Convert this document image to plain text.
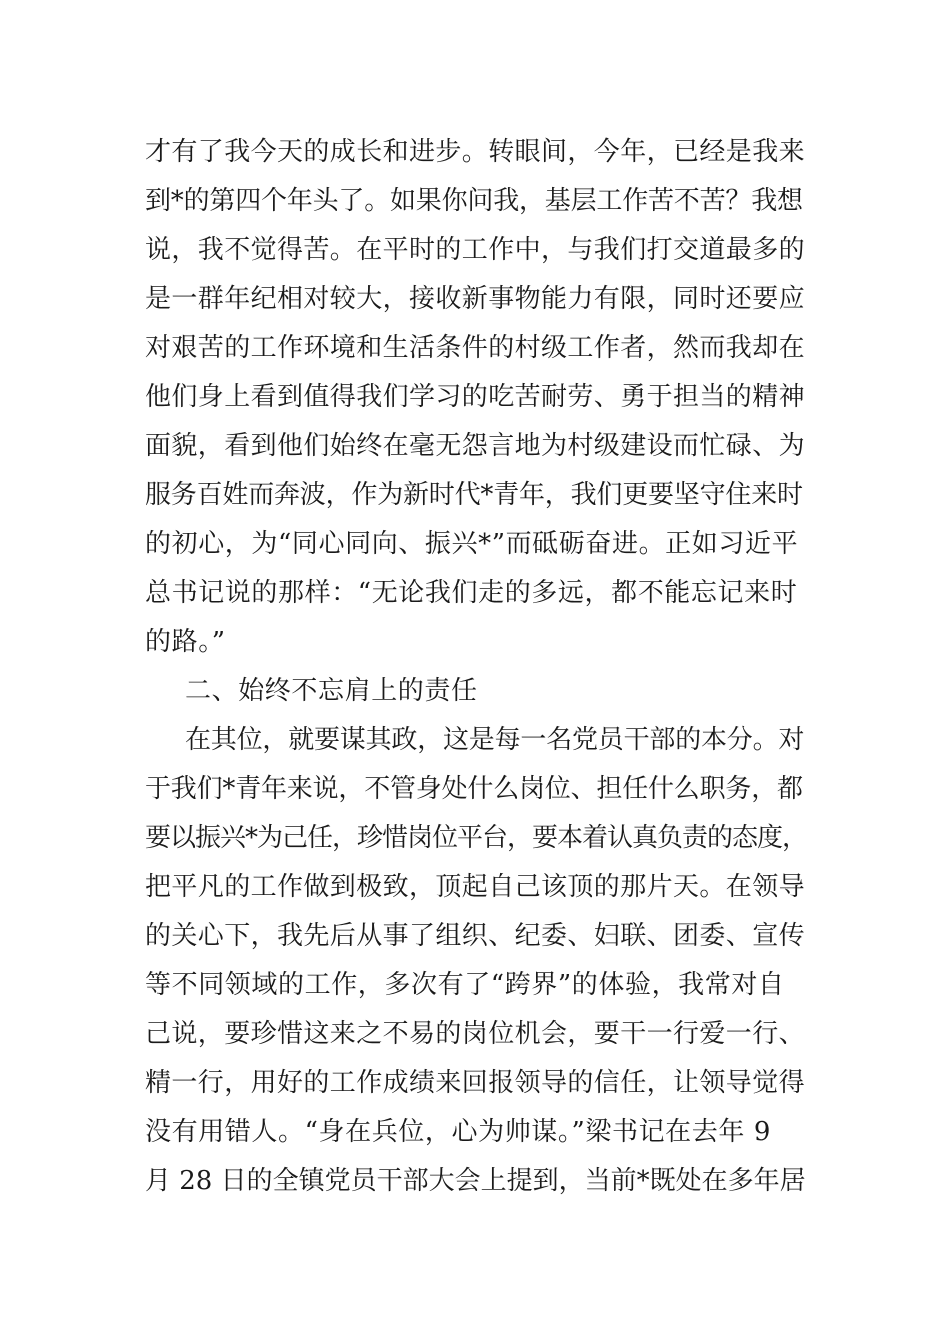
才有了我今天的成长和进步。转眼间，今年，已经是我来
到*的第四个年头了。如果你问我，基层工作苦不苦？我想
说，我不觉得苦。在平时的工作中，与我们打交道最多的
是一群年纪相对较大，接收新事物能力有限，同时还要应
对艰苦的工作环境和生活条件的村级工作者，然而我却在
他们身上看到值得我们学习的吃苦耐劳、勇于担当的精神
面貌，看到他们始终在毫无怨言地为村级建设而忙碌、为
服务百姓而奔波，作为新时代*青年，我们更要坚守住来时
的初心，为“同心同向、振兴*”而砥砺奋进。正如习近平
总书记说的那样：“无论我们走的多远，都不能忘记来时
的路。”
二、始终不忘肩上的责任
在其位，就要谋其政，这是每一名党员干部的本分。对
于我们*青年来说，不管身处什么岗位、担任什么职务，都
要以振兴*为己任，珍惜岗位平台，要本着认真负责的态度，
把平凡的工作做到极致，顶起自己该顶的那片天。在领导
的关心下，我先后从事了组织、纪委、妇联、团委、宣传
等不同领域的工作，多次有了“跨界”的体验，我常对自
己说，要珍惜这来之不易的岗位机会，要干一行爱一行、
精一行，用好的工作成绩来回报领导的信任，让领导觉得
没有用错人。“身在兵位，心为帅谋。”梁书记在去年 9
月 28 日的全镇党员干部大会上提到，当前*既处在多年居
